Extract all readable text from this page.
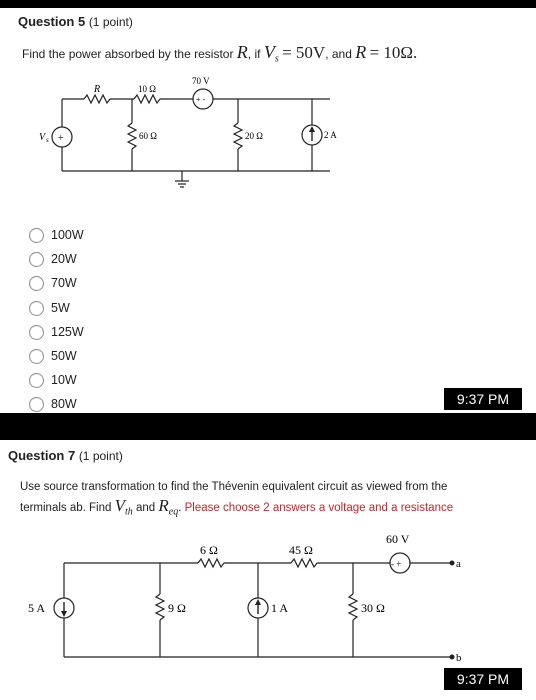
Question 5 (1 point)
Find the power absorbed by the resistor R, if $V_s = 50V$, and R = 10Ω.
R	10 Ω
70 V
+ -
V s +	60 Ω	20 Ω	2 A
100W
20W
70W
5W
125W
50W
10W
80W	9:37 PM
Question 7 (1 point)
Use source transformation to find the Thévenin equivalent circuit as viewed from the
terminals ab. Find $V_{th}$ and $R_{eq}$. Please choose 2 answers a voltage and a resistance
6 Ω	45 Ω
60 V
- +
5 A	9 Ω	1 A	30 Ω
a
b
9:37 PM
